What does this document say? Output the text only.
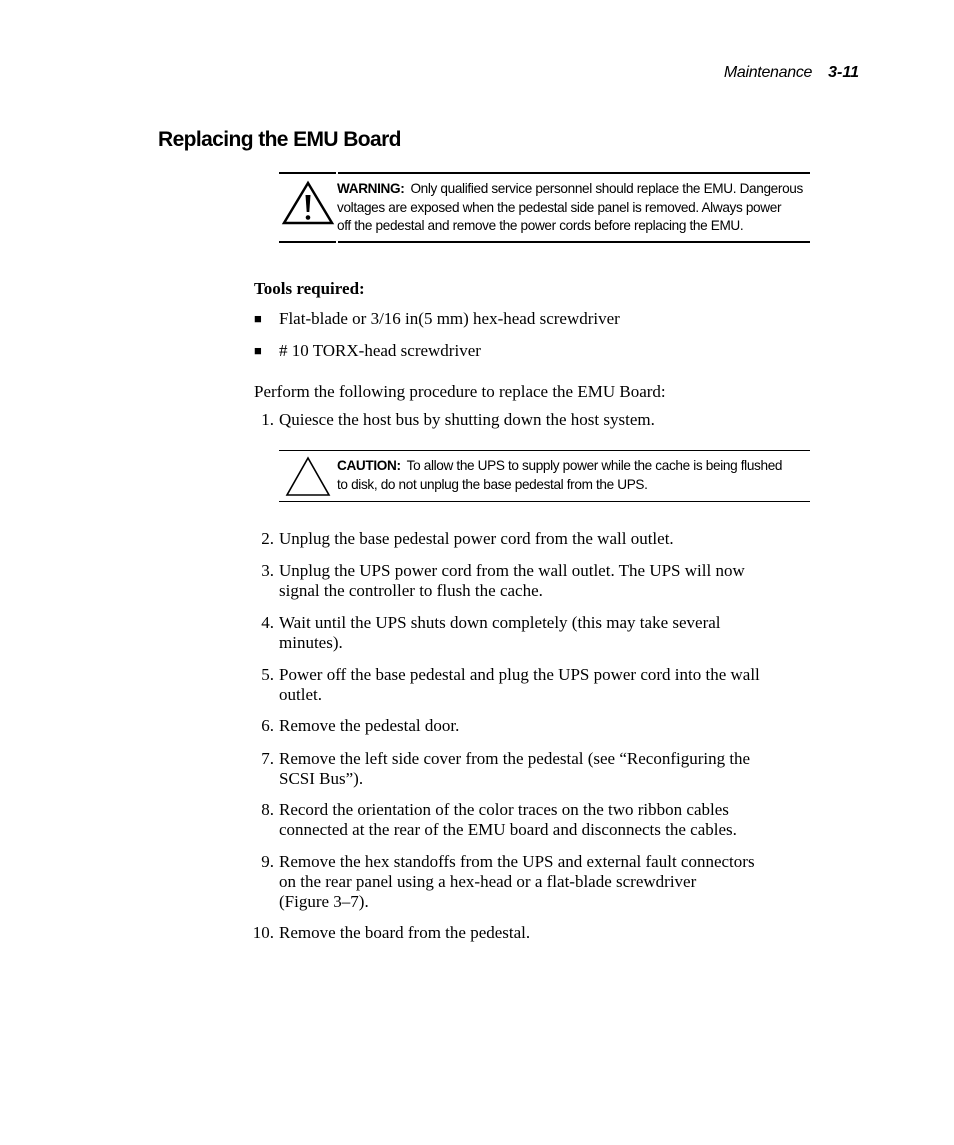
Maintenance 3-11
Replacing the EMU Board
WARNING: Only qualified service personnel should replace the EMU. Dangerous
voltages are exposed when the pedestal side panel is removed. Always power
off the pedestal and remove the power cords before replacing the EMU.
Tools required:
■ Flat-blade or 3/16 in(5 mm) hex-head screwdriver
■ # 10 TORX-head screwdriver
Perform the following procedure to replace the EMU Board:
1. Quiesce the host bus by shutting down the host system.
CAUTION: To allow the UPS to supply power while the cache is being flushed
to disk, do not unplug the base pedestal from the UPS.
2. Unplug the base pedestal power cord from the wall outlet.
3. Unplug the UPS power cord from the wall outlet. The UPS will now
signal the controller to flush the cache.
4. Wait until the UPS shuts down completely (this may take several
minutes).
5. Power off the base pedestal and plug the UPS power cord into the wall
outlet.
6. Remove the pedestal door.
7. Remove the left side cover from the pedestal (see “Reconfiguring the
SCSI Bus”).
8. Record the orientation of the color traces on the two ribbon cables
connected at the rear of the EMU board and disconnects the cables.
9. Remove the hex standoffs from the UPS and external fault connectors
on the rear panel using a hex-head or a flat-blade screwdriver
(Figure 3–7).
10. Remove the board from the pedestal.
